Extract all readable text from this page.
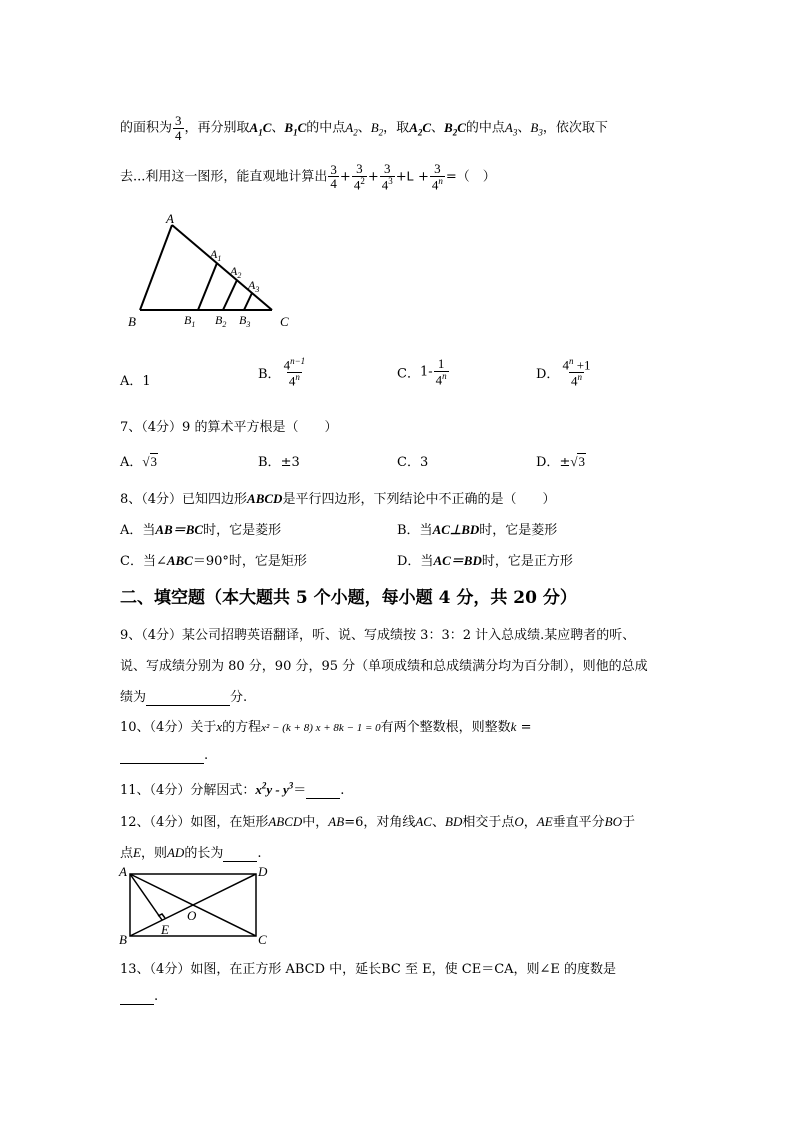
的面积为 $\frac{3}{4}$ ，再分别取$A_1C$、$B_1C$的中点$A_2$、$B_2$，取$A_2C$、$B_2C$的中点$A_3$、$B_3$，依次取下
去...利用这一图形，能直观地计算出 $\frac{3}{4} + \frac{3}{4^2} + \frac{3}{4^3} +L + \frac{3}{4^n}$ =（　）
A
$A_1$
$A_2$
$A_3$
B	$B_1$ $B_2$ $B_3$ C
A．1	B． $\frac{4^{n-1}}{4^n}$	C．$1- \frac{1}{4^n}$	D． $\frac{4^n +1}{4^n}$
7、（4分）9 的算术平方根是（　　）
A．√3	B．±3	C．3	D．±√3
8、（4分）已知四边形ABCD是平行四边形，下列结论中不正确的是（　　）
A．当AB＝BC时，它是菱形	B．当AC⊥BD时，它是菱形
C．当∠ABC＝90°时，它是矩形	D．当AC＝BD时，它是正方形
二、填空题（本大题共 5 个小题，每小题 4 分，共 20 分）
9、（4分）某公司招聘英语翻译，听、说、写成绩按 3：3：2 计入总成绩.某应聘者的听、
说、写成绩分别为 80 分，90 分，95 分（单项成绩和总成绩满分均为百分制），则他的总成
绩为	分.
10、（4分）关于x的方程x² − (k + 8) x + 8k − 1 = 0有两个整数根，则整数k =
.
11、（4分）分解因式：$x^2y - y^3=$	.
12、（4分）如图，在矩形ABCD中，AB=6，对角线AC、BD相交于点O，AE垂直平分BO于
点E，则AD的长为	.
A	D
B	C
O
E
13、（4分）如图，在正方形 ABCD 中，延长BC 至 E，使 CE＝CA，则∠E 的度数是
.
